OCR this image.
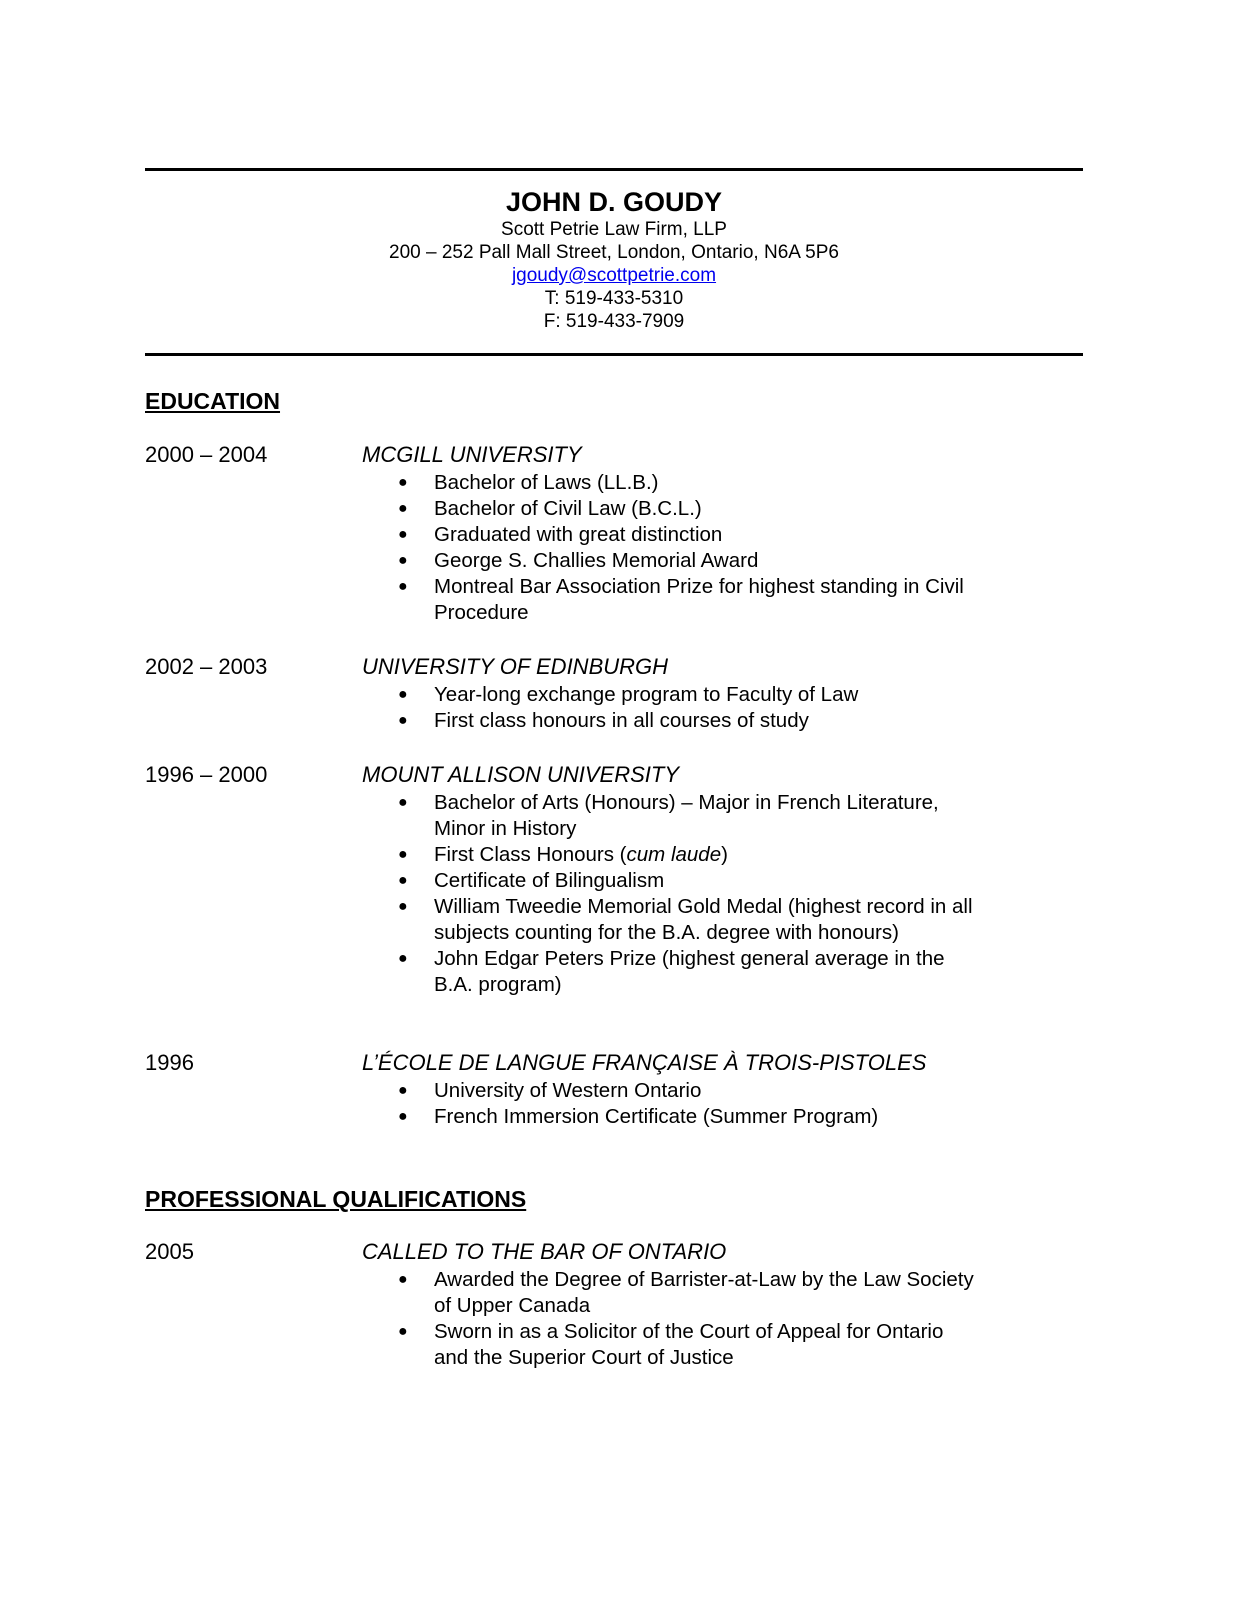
JOHN D. GOUDY
Scott Petrie Law Firm, LLP
200 – 252 Pall Mall Street, London, Ontario, N6A 5P6
jgoudy@scottpetrie.com
T: 519-433-5310
F: 519-433-7909
EDUCATION
2000 – 2004	MCGILL UNIVERSITY
● Bachelor of Laws (LL.B.)
● Bachelor of Civil Law (B.C.L.)
● Graduated with great distinction
● George S. Challies Memorial Award
● Montreal Bar Association Prize for highest standing in Civil Procedure
2002 – 2003	UNIVERSITY OF EDINBURGH
● Year-long exchange program to Faculty of Law
● First class honours in all courses of study
1996 – 2000	MOUNT ALLISON UNIVERSITY
● Bachelor of Arts (Honours) – Major in French Literature, Minor in History
● First Class Honours (cum laude)
● Certificate of Bilingualism
● William Tweedie Memorial Gold Medal (highest record in all subjects counting for the B.A. degree with honours)
● John Edgar Peters Prize (highest general average in the B.A. program)
1996	L’ÉCOLE DE LANGUE FRANÇAISE À TROIS-PISTOLES
● University of Western Ontario
● French Immersion Certificate (Summer Program)
PROFESSIONAL QUALIFICATIONS
2005	CALLED TO THE BAR OF ONTARIO
● Awarded the Degree of Barrister-at-Law by the Law Society of Upper Canada
● Sworn in as a Solicitor of the Court of Appeal for Ontario and the Superior Court of Justice
